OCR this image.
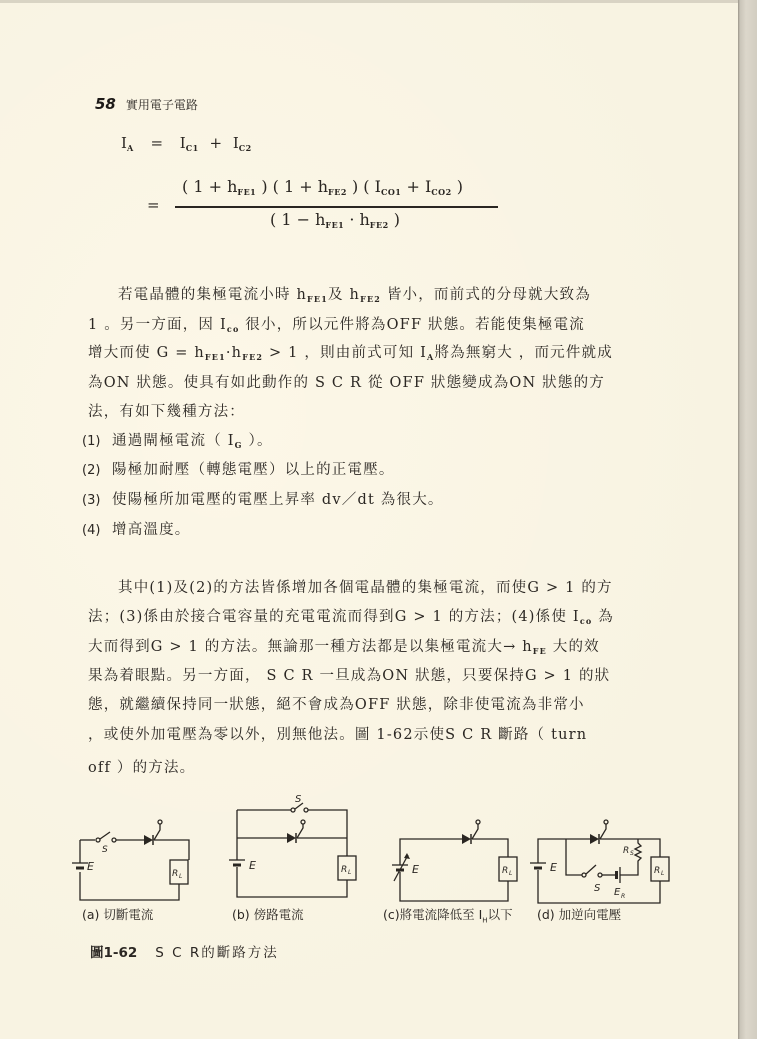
58 實用電子電路
$I_A = I_{C1} + I_{C2}$
=
( $1 + h_{FE1}$ ) ( $1 + h_{FE2}$ ) ( $I_{CO1} + I_{CO2}$ )
( $1 - h_{FE1} \cdot h_{FE2}$ )
若電晶體的集極電流小時 $h_{FE1}$及 $h_{FE2}$ 皆小，而前式的分母就大致為
1 。另一方面，因 $I_{co}$ 很小，所以元件將為OFF 狀態。若能使集極電流
增大而使 $G = h_{FE1}\cdot h_{FE2} > 1$ ，則由前式可知 $I_A$將為無窮大 ，而元件就成
為ON 狀態。使具有如此動作的 S C R 從 OFF 狀態變成為ON 狀態的方
法，有如下幾種方法：
(1) 通過閘極電流（ $I_G$ ）。
(2) 陽極加耐壓（轉態電壓）以上的正電壓。
(3) 使陽極所加電壓的電壓上昇率 dv／dt 為很大。
(4) 增高溫度。
其中(1)及(2)的方法皆係增加各個電晶體的集極電流，而使G > 1 的方
法；(3)係由於接合電容量的充電電流而得到G > 1 的方法；(4)係使 $I_{co}$ 為
大而得到G > 1 的方法。無論那一種方法都是以集極電流大→ $h_{FE}$ 大的效
果為着眼點。另一方面， S C R 一旦成為ON 狀態，只要保持G > 1 的狀
態，就繼續保持同一狀態，絕不會成為OFF 狀態，除非使電流為非常小
，或使外加電壓為零以外，別無他法。圖 1-62示使S C R 斷路（ turn
off ）的方法。
E
S
R L
(a) 切斷電流
S
E	R L
(b) 傍路電流
E	R L
(c)將電流降低至 $I_H$以下
E
S E R
R S
R L
(d) 加逆向電壓
圖1-62 S C R的斷路方法
